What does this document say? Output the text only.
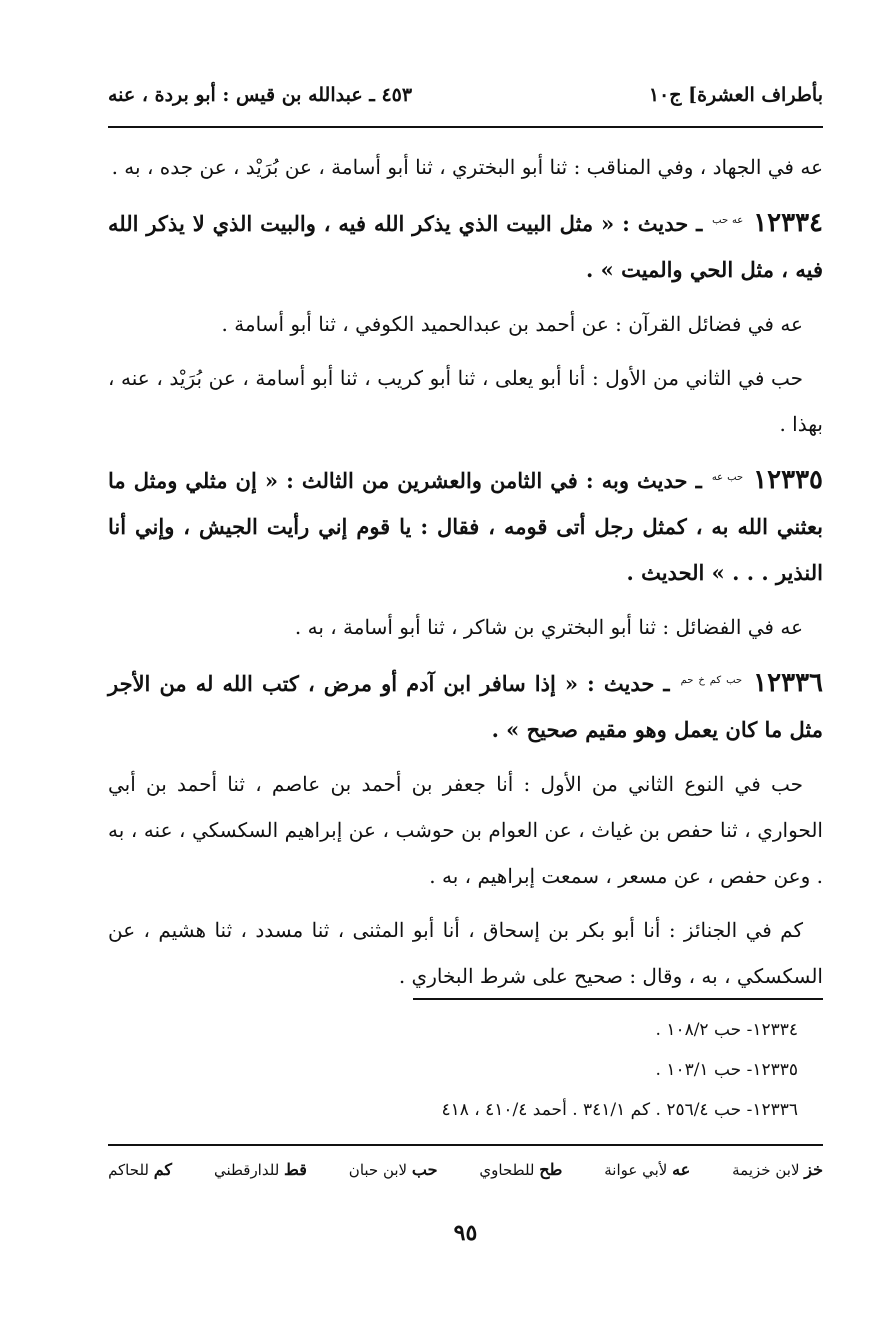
بأطراف العشرة] ج١٠
٤٥٣ ـ عبدالله بن قيس : أبو بردة ، عنه

عه في الجهاد ، وفي المناقب : ثنا أبو البختري ، ثنا أبو أسامة ، عن بُرَيْد ، عن جده ، به .

١٢٣٣٤ $^{عه حب}$ ـ حديث : « مثل البيت الذي يذكر الله فيه ، والبيت الذي لا يذكر الله فيه ، مثل الحي والميت » .

عه في فضائل القرآن : عن أحمد بن عبدالحميد الكوفي ، ثنا أبو أسامة .

حب في الثاني من الأول : أنا أبو يعلى ، ثنا أبو كريب ، ثنا أبو أسامة ، عن بُرَيْد ، عنه ، بهذا .

١٢٣٣٥ $^{حب عه}$ ـ حديث وبه : في الثامن والعشرين من الثالث : « إن مثلي ومثل ما بعثني الله به ، كمثل رجل أتى قومه ، فقال : يا قوم إني رأيت الجيش ، وإني أنا النذير . . . » الحديث .

عه في الفضائل : ثنا أبو البختري بن شاكر ، ثنا أبو أسامة ، به .

١٢٣٣٦ $^{حب كم خ حم}$ ـ حديث : « إذا سافر ابن آدم أو مرض ، كتب الله له من الأجر مثل ما كان يعمل وهو مقيم صحيح » .

حب في النوع الثاني من الأول : أنا جعفر بن أحمد بن عاصم ، ثنا أحمد بن أبي الحواري ، ثنا حفص بن غياث ، عن العوام بن حوشب ، عن إبراهيم السكسكي ، عنه ، به . وعن حفص ، عن مسعر ، سمعت إبراهيم ، به .

كم في الجنائز : أنا أبو بكر بن إسحاق ، أنا أبو المثنى ، ثنا مسدد ، ثنا هشيم ، عن السكسكي ، به ، وقال : صحيح على شرط البخاري .

١٢٣٣٤- حب ١٠٨/٢ .
١٢٣٣٥- حب ١٠٣/١ .
١٢٣٣٦- حب ٢٥٦/٤ . كم ٣٤١/١ . أحمد ٤١٠/٤ ، ٤١٨
خز لابن خزيمة
عه لأبي عوانة
طح للطحاوي
حب لابن حبان
قط للدارقطني
كم للحاكم
٩٥
